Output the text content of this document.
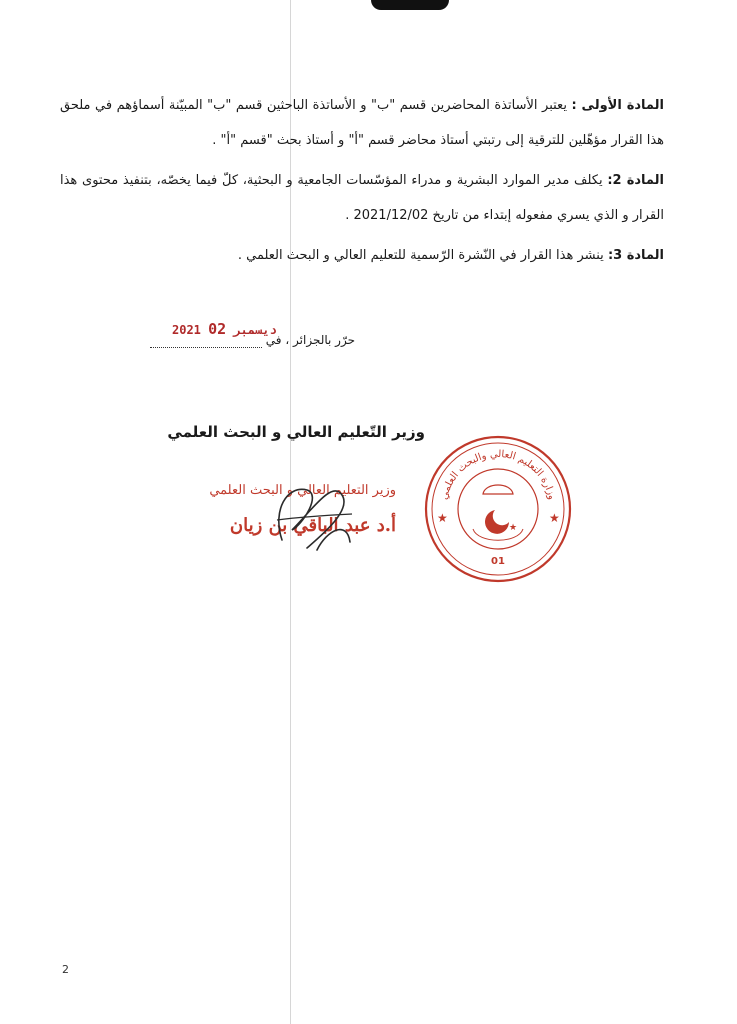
المادة الأولى : يعتبر الأساتذة المحاضرين قسم "ب" و الأساتذة الباحثين قسم "ب" المبيّنة أسماؤهم في ملحق هذا القرار مؤهّلين للترقية إلى رتبتي أستاذ محاضر قسم "أ" و أستاذ بحث "قسم "أ" .
المادة 2: يكلف مدير الموارد البشرية و مدراء المؤسّسات الجامعية و البحثية، كلّ فيما يخصّه، بتنفيذ محتوى هذا القرار و الذي يسري مفعوله إبتداء من تاريخ 2021/12/02 .
المادة 3: ينشر هذا القرار في النّشرة الرّسمية للتعليم العالي و البحث العلمي .
حرّر بالجزائر ، في
2021	ديسمبر 02
وزير التّعليم العالي و البحث العلمي
وزير التعليم العالي و البحث العلمي
أ.د عبد الباقي بن زيان
وزارة التعليم العالي والبحث العلمي
★	★
★
01
2
